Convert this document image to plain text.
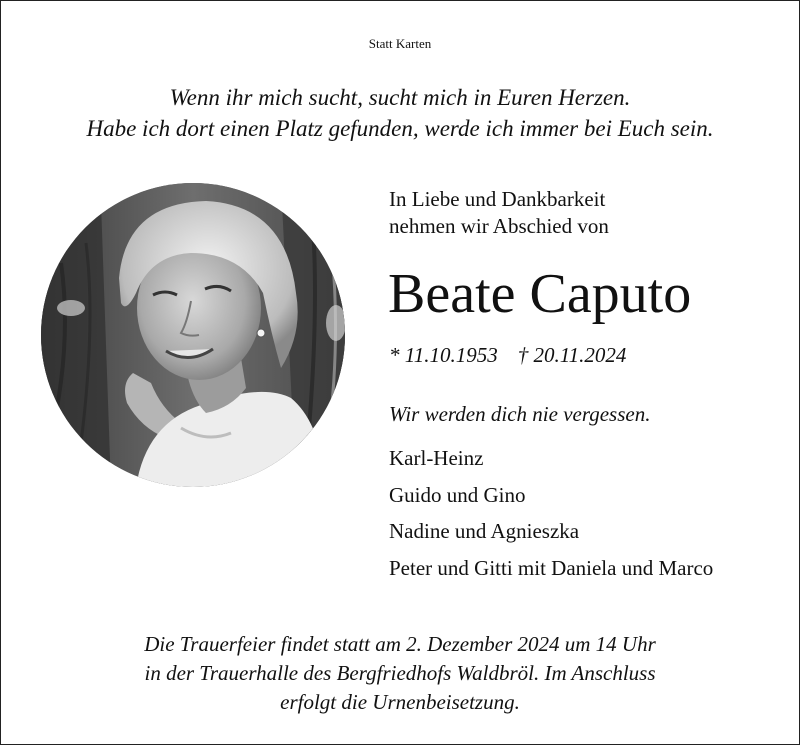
Statt Karten
Wenn ihr mich sucht, sucht mich in Euren Herzen.
Habe ich dort einen Platz gefunden, werde ich immer bei Euch sein.
In Liebe und Dankbarkeit
nehmen wir Abschied von
Beate Caputo
* 11.10.1953 † 20.11.2024
Wir werden dich nie vergessen.
Karl-Heinz
Guido und Gino
Nadine und Agnieszka
Peter und Gitti mit Daniela und Marco
Die Trauerfeier findet statt am 2. Dezember 2024 um 14 Uhr
in der Trauerhalle des Bergfriedhofs Waldbröl. Im Anschluss
erfolgt die Urnenbeisetzung.
